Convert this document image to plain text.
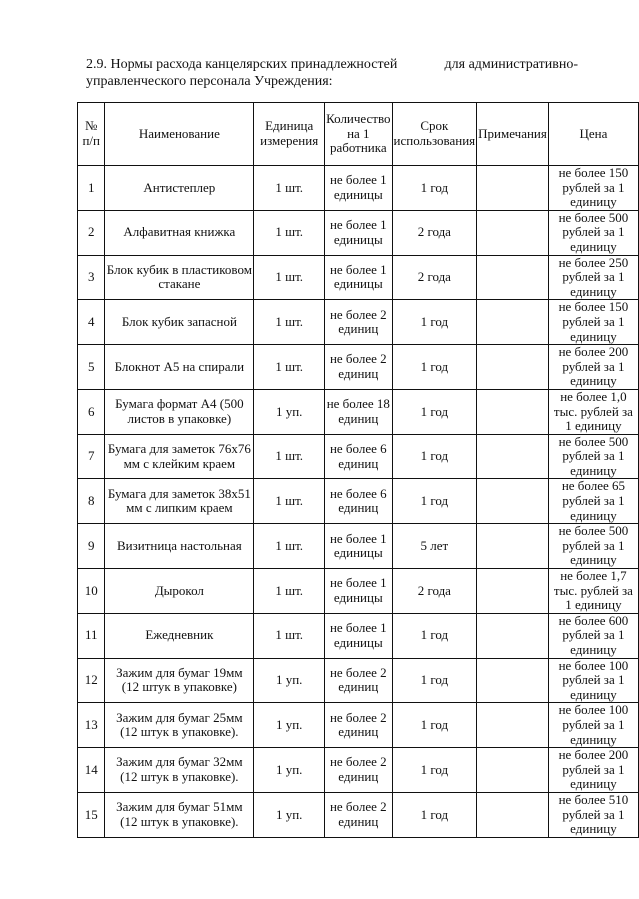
2.9. Нормы расхода канцелярских принадлежностей	для административно-
управленческого персонала Учреждения:
№ п/п	Наименование	Единица измерения	Количество на 1 работника	Срок использования	Примечания	Цена
1	Антистеплер	1 шт.	не более 1 единицы	1 год		не более 150 рублей за 1 единицу
2	Алфавитная книжка	1 шт.	не более 1 единицы	2 года		не более 500 рублей за 1 единицу
3	Блок кубик в пластиковом стакане	1 шт.	не более 1 единицы	2 года		не более 250 рублей за 1 единицу
4	Блок кубик запасной	1 шт.	не более 2 единиц	1 год		не более 150 рублей за 1 единицу
5	Блокнот А5 на спирали	1 шт.	не более 2 единиц	1 год		не более 200 рублей за 1 единицу
6	Бумага формат А4 (500 листов в упаковке)	1 уп.	не более 18 единиц	1 год		не более 1,0 тыс. рублей за 1 единицу
7	Бумага для заметок 76х76 мм с клейким краем	1 шт.	не более 6 единиц	1 год		не более 500 рублей за 1 единицу
8	Бумага для заметок 38х51 мм с липким краем	1 шт.	не более 6 единиц	1 год		не более 65 рублей за 1 единицу
9	Визитница настольная	1 шт.	не более 1 единицы	5 лет		не более 500 рублей за 1 единицу
10	Дырокол	1 шт.	не более 1 единицы	2 года		не более 1,7 тыс. рублей за 1 единицу
11	Ежедневник	1 шт.	не более 1 единицы	1 год		не более 600 рублей за 1 единицу
12	Зажим для бумаг 19мм (12 штук в упаковке)	1 уп.	не более 2 единиц	1 год		не более 100 рублей за 1 единицу
13	Зажим для бумаг 25мм (12 штук в упаковке).	1 уп.	не более 2 единиц	1 год		не более 100 рублей за 1 единицу
14	Зажим для бумаг 32мм (12 штук в упаковке).	1 уп.	не более 2 единиц	1 год		не более 200 рублей за 1 единицу
15	Зажим для бумаг 51мм (12 штук в упаковке).	1 уп.	не более 2 единиц	1 год		не более 510 рублей за 1 единицу
